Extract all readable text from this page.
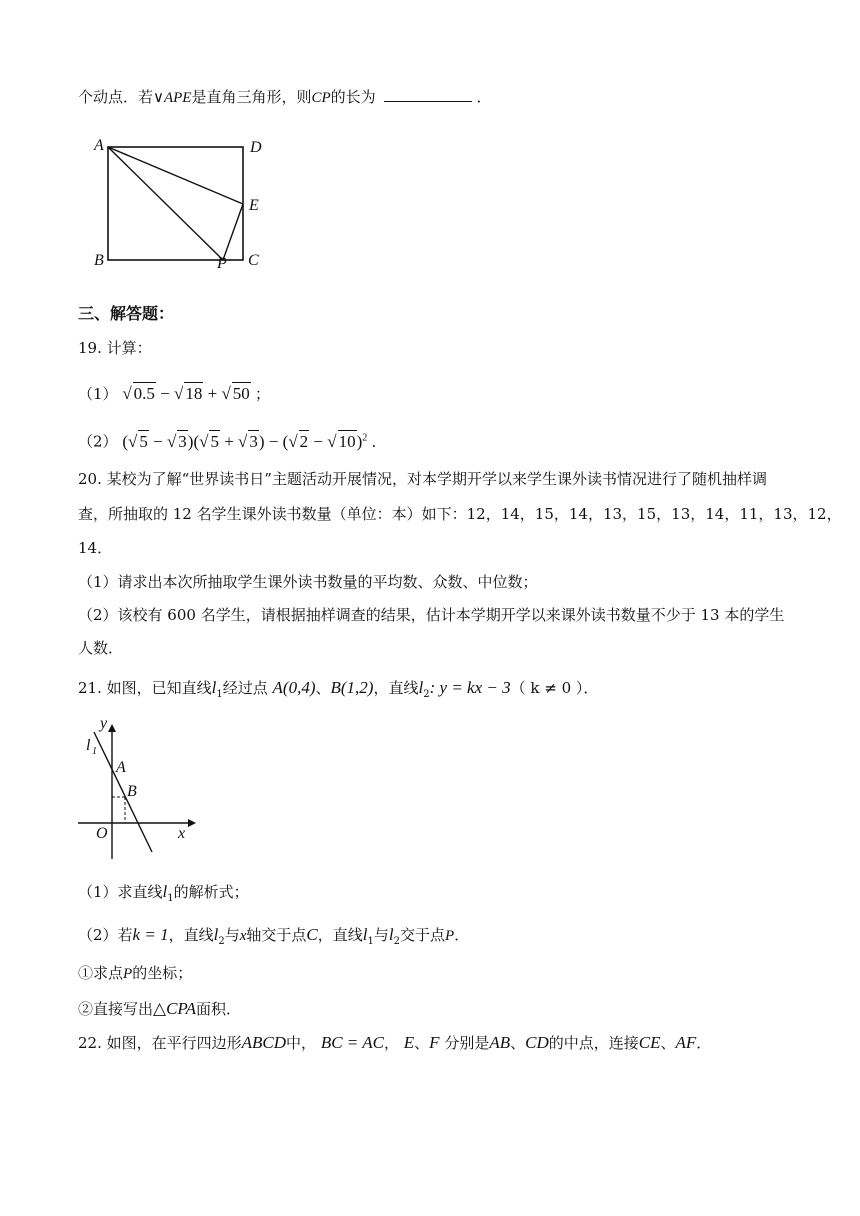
个动点．若∨APE是直角三角形，则CP的长为	．
A	D
E
B	P C
三、解答题：
19. 计算：
（1） √ 0.5 − √ 18 + √ 50 ；
（2） (√ 5 − √ 3)(√ 5 + √ 3) − (√ 2 − √ 10)$^2$ ．
20. 某校为了解“世界读书日”主题活动开展情况，对本学期开学以来学生课外读书情况进行了随机抽样调
查，所抽取的 12 名学生课外读书数量（单位：本）如下：12，14，15，14，13，15，13，14，11，13，12，
14．
（1）请求出本次所抽取学生课外读书数量的平均数、众数、中位数；
（2）该校有 600 名学生，请根据抽样调查的结果，估计本学期开学以来课外读书数量不少于 13 本的学生
人数．
21. 如图，已知直线$l_1$经过点 A(0,4)、B(1,2)，直线$l_2$: y = kx − 3（ k ≠ 0 ）．
y
l 1
A
B
O	x
（1）求直线$l_1$的解析式；
（2）若k = 1，直线$l_2$与x轴交于点C，直线$l_1$与$l_2$交于点P．
①求点P的坐标；
②直接写出△CPA面积．
22. 如图，在平行四边形ABCD中， BC = AC， E、F 分别是AB、CD的中点，连接CE、AF．
